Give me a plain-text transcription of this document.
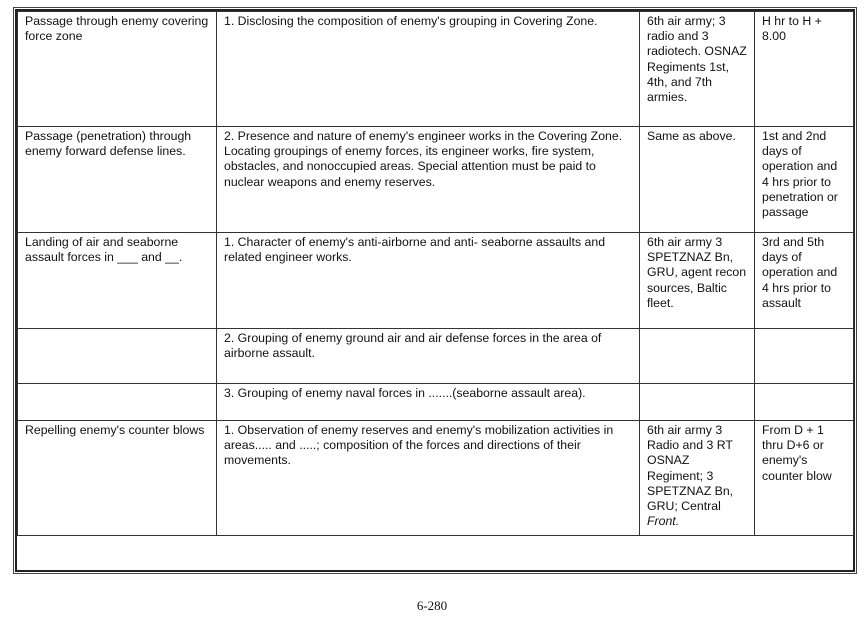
Passage through enemy covering force zone	1. Disclosing the composition of enemy's grouping in Covering Zone.	6th air army; 3 radio and 3 radiotech. OSNAZ Regiments 1st, 4th, and 7th armies.	H hr to H + 8.00
Passage (penetration) through enemy forward defense lines.	2. Presence and nature of enemy's engineer works in the Covering Zone. Locating groupings of enemy forces, its engineer works, fire system, obstacles, and nonoccupied areas. Special attention must be paid to nuclear weapons and enemy reserves.	Same as above.	1st and 2nd days of operation and 4 hrs prior to penetration or passage
Landing of air and seaborne assault forces in ___ and __.	1. Character of enemy's anti-airborne and anti- seaborne assaults and related engineer works.	6th air army 3 SPETZNAZ Bn, GRU, agent recon sources, Baltic fleet.	3rd and 5th days of operation and 4 hrs prior to assault

	2. Grouping of enemy ground air and air defense forces in the area of airborne assault.		

	3. Grouping of enemy naval forces in .......(seaborne assault area).		

Repelling enemy's counter blows	1. Observation of enemy reserves and enemy's mobilization activities in areas..... and .....; composition of the forces and directions of their movements.	6th air army 3 Radio and 3 RT OSNAZ Regiment; 3 SPETZNAZ Bn, GRU; Central Front.	From D + 1 thru D+6 or enemy's counter blow
6-280
